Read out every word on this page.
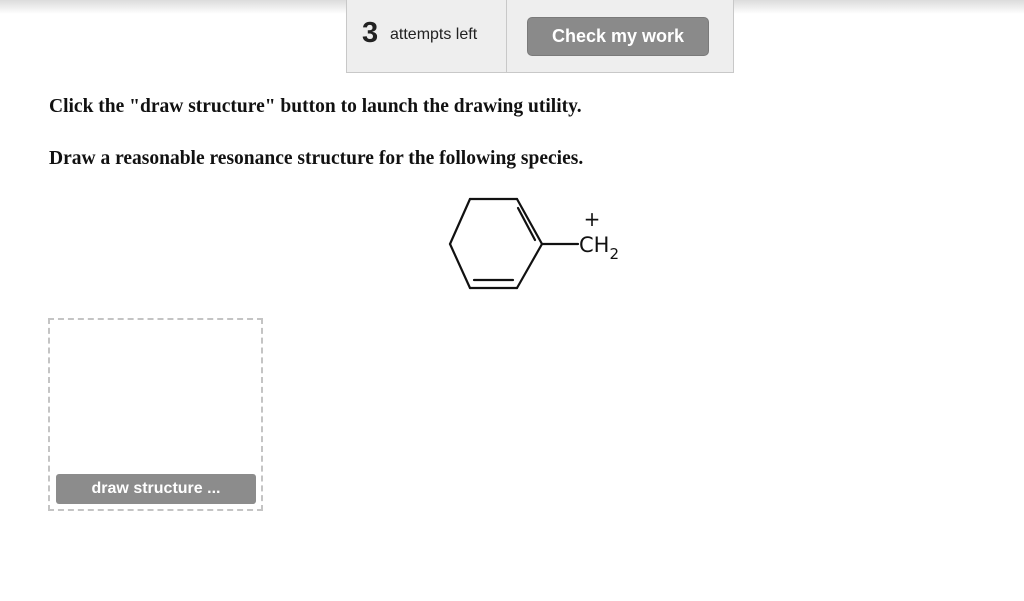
3 attempts left	Check my work
Click the "draw structure" button to launch the drawing utility.
Draw a reasonable resonance structure for the following species.
+
$CH_2$
draw structure ...
